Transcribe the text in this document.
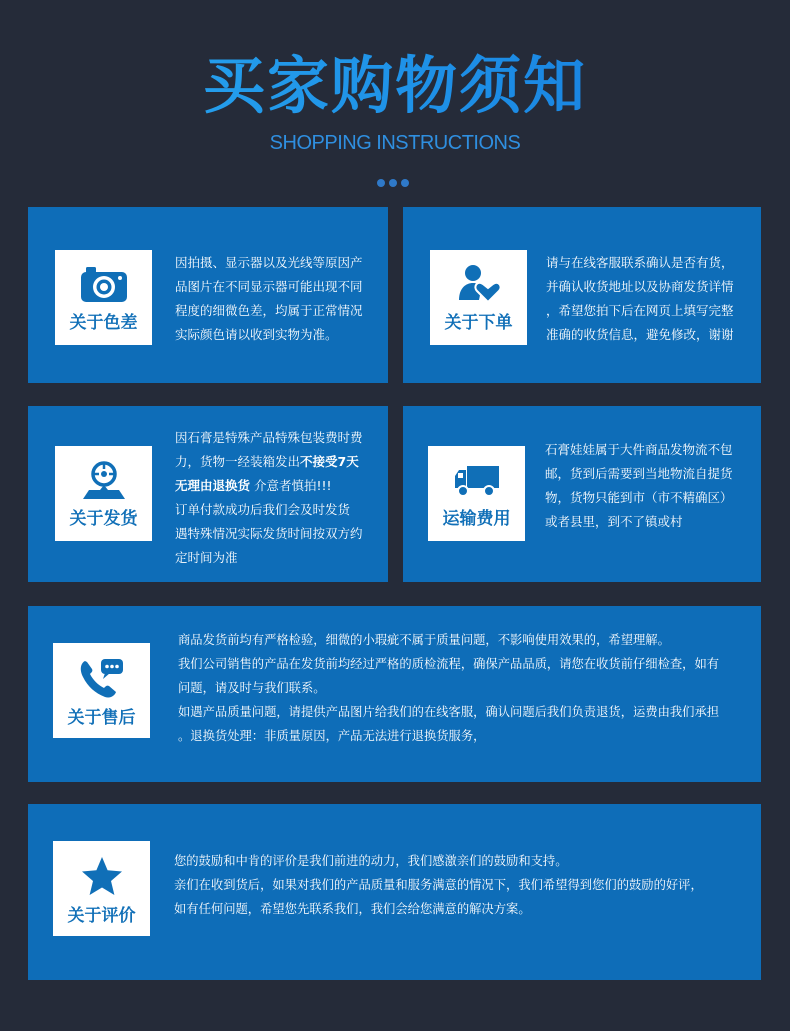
买家购物须知
SHOPPING INSTRUCTIONS
关于色差

因拍摄、显示器以及光线等原因产

品图片在不同显示器可能出现不同

程度的细微色差，均属于正常情况

实际颜色请以收到实物为准。

关于下单

请与在线客服联系确认是否有货，

并确认收货地址以及协商发货详情

，希望您拍下后在网页上填写完整

准确的收货信息，避免修改，谢谢

关于发货

因石膏是特殊产品特殊包装费时费

力，货物一经装箱发出不接受7天

无理由退换货 介意者慎拍!!!

订单付款成功后我们会及时发货

遇特殊情况实际发货时间按双方约

定时间为准

运输费用

石膏娃娃属于大件商品发物流不包

邮，货到后需要到当地物流自提货

物，货物只能到市（市不精确区）

或者县里，到不了镇或村

关于售后

商品发货前均有严格检验，细微的小瑕疵不属于质量问题，不影响使用效果的，希望理解。

我们公司销售的产品在发货前均经过严格的质检流程，确保产品品质，请您在收货前仔细检查，如有

问题，请及时与我们联系。

如遇产品质量问题，请提供产品图片给我们的在线客服，确认问题后我们负责退货，运费由我们承担

。退换货处理：非质量原因，产品无法进行退换货服务，

关于评价

您的鼓励和中肯的评价是我们前进的动力，我们感激亲们的鼓励和支持。

亲们在收到货后，如果对我们的产品质量和服务满意的情况下，我们希望得到您们的鼓励的好评，

如有任何问题，希望您先联系我们，我们会给您满意的解决方案。
